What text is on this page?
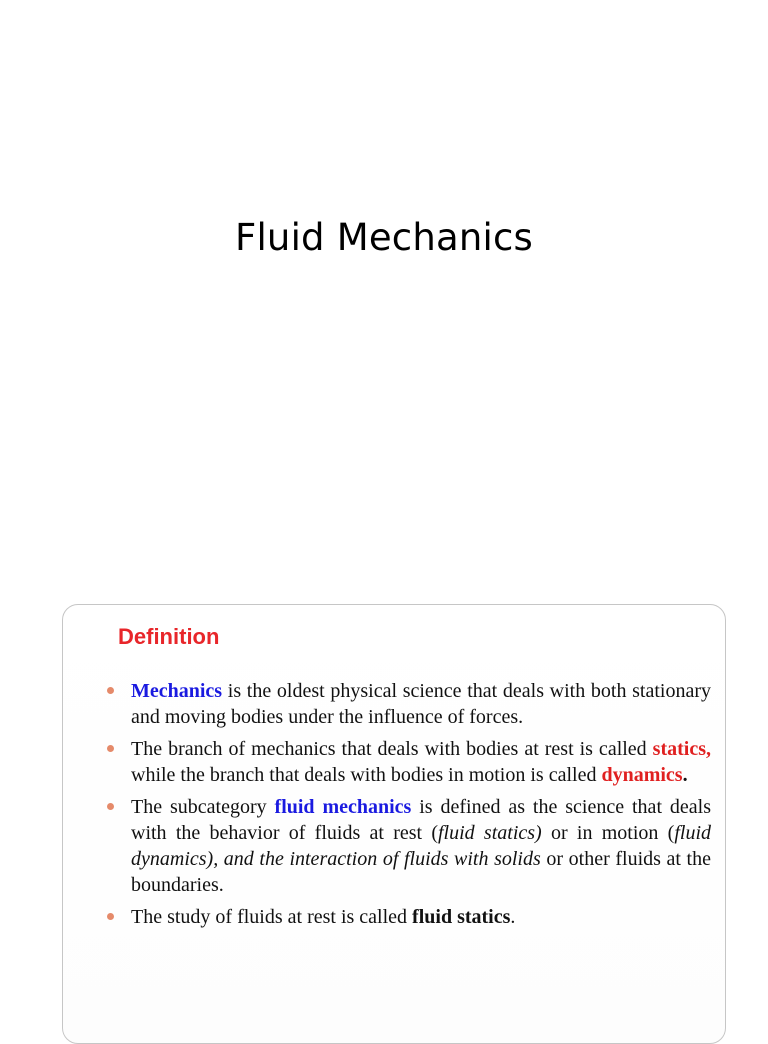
Fluid Mechanics
Definition
Mechanics is the oldest physical science that deals with both stationary and moving bodies under the influence of forces.
The branch of mechanics that deals with bodies at rest is called statics, while the branch that deals with bodies in motion is called dynamics.
The subcategory fluid mechanics is defined as the science that deals with the behavior of fluids at rest (fluid statics) or in motion (fluid dynamics), and the interaction of fluids with solids or other fluids at the boundaries.
The study of fluids at rest is called fluid statics.
